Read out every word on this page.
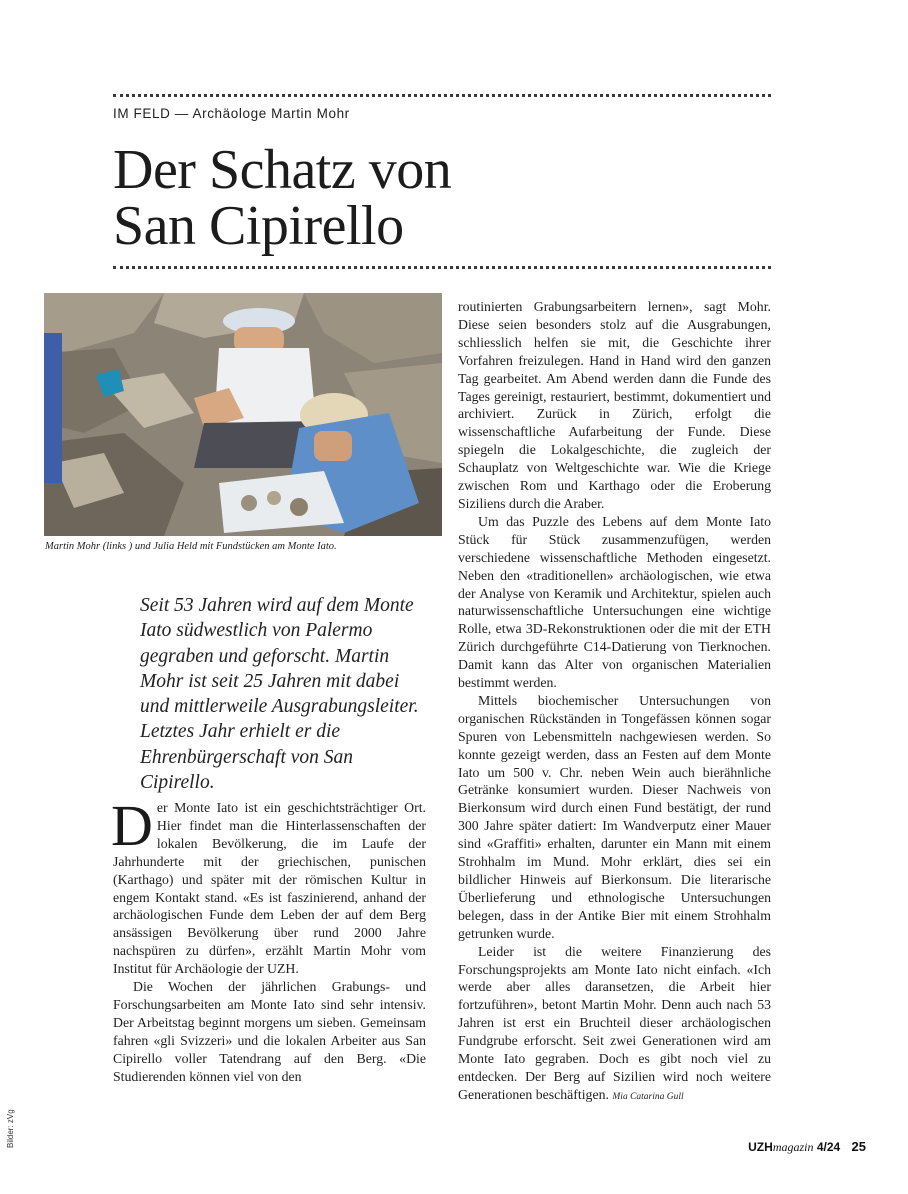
IM FELD — Archäologe Martin Mohr
Der Schatz von
San Cipirello
Martin Mohr (links ) und Julia Held mit Fundstücken am Monte Iato.

Seit 53 Jahren wird auf dem Monte Iato südwestlich von Palermo gegraben und geforscht. Martin Mohr ist seit 25 Jahren mit dabei und mittlerweile Ausgrabungsleiter. Letztes Jahr erhielt er die Ehrenbürgerschaft von San Cipirello.

Der Monte Iato ist ein geschichtsträchtiger Ort. Hier findet man die Hinterlassenschaften der lokalen Bevölkerung, die im Laufe der Jahrhunderte mit der griechischen, punischen (Karthago) und später mit der römischen Kultur in engem Kontakt stand. «Es ist faszinierend, anhand der archäologischen Funde dem Leben der auf dem Berg ansässigen Bevölkerung über rund 2000 Jahre nachspüren zu dürfen», erzählt Martin Mohr vom Institut für Archäologie der UZH.

Die Wochen der jährlichen Grabungs- und Forschungsarbeiten am Monte Iato sind sehr intensiv. Der Arbeitstag beginnt morgens um sieben. Gemeinsam fahren «gli Svizzeri» und die lokalen Arbeiter aus San Cipirello voller Tatendrang auf den Berg. «Die Studierenden können viel von den

routinierten Grabungsarbeitern lernen», sagt Mohr. Diese seien besonders stolz auf die Ausgrabungen, schliesslich helfen sie mit, die Geschichte ihrer Vorfahren freizulegen. Hand in Hand wird den ganzen Tag gearbeitet. Am Abend werden dann die Funde des Tages gereinigt, restauriert, bestimmt, dokumentiert und archiviert. Zurück in Zürich, erfolgt die wissenschaftliche Aufarbeitung der Funde. Diese spiegeln die Lokalgeschichte, die zugleich der Schauplatz von Weltgeschichte war. Wie die Kriege zwischen Rom und Karthago oder die Eroberung Siziliens durch die Araber.

Um das Puzzle des Lebens auf dem Monte Iato Stück für Stück zusammenzufügen, werden verschiedene wissenschaftliche Methoden eingesetzt. Neben den «traditionellen» archäologischen, wie etwa der Analyse von Keramik und Architektur, spielen auch naturwissenschaftliche Untersuchungen eine wichtige Rolle, etwa 3D-Rekonstruktionen oder die mit der ETH Zürich durchgeführte C14-Datierung von Tierknochen. Damit kann das Alter von organischen Materialien bestimmt werden.

Mittels biochemischer Untersuchungen von organischen Rückständen in Tongefässen können sogar Spuren von Lebensmitteln nachgewiesen werden. So konnte gezeigt werden, dass an Festen auf dem Monte Iato um 500 v. Chr. neben Wein auch bierähnliche Getränke konsumiert wurden. Dieser Nachweis von Bierkonsum wird durch einen Fund bestätigt, der rund 300 Jahre später datiert: Im Wandverputz einer Mauer sind «Graffiti» erhalten, darunter ein Mann mit einem Strohhalm im Mund. Mohr erklärt, dies sei ein bildlicher Hinweis auf Bierkonsum. Die literarische Überlieferung und ethnologische Untersuchungen belegen, dass in der Antike Bier mit einem Strohhalm getrunken wurde.

Leider ist die weitere Finanzierung des Forschungsprojekts am Monte Iato nicht einfach. «Ich werde aber alles daransetzen, die Arbeit hier fortzuführen», betont Martin Mohr. Denn auch nach 53 Jahren ist erst ein Bruchteil dieser archäologischen Fundgrube erforscht. Seit zwei Generationen wird am Monte Iato gegraben. Doch es gibt noch viel zu entdecken. Der Berg auf Sizilien wird noch weitere Generationen beschäftigen. Mia Catarina Gull

Bilder: zVg	UZHmagazin 4/24 25
